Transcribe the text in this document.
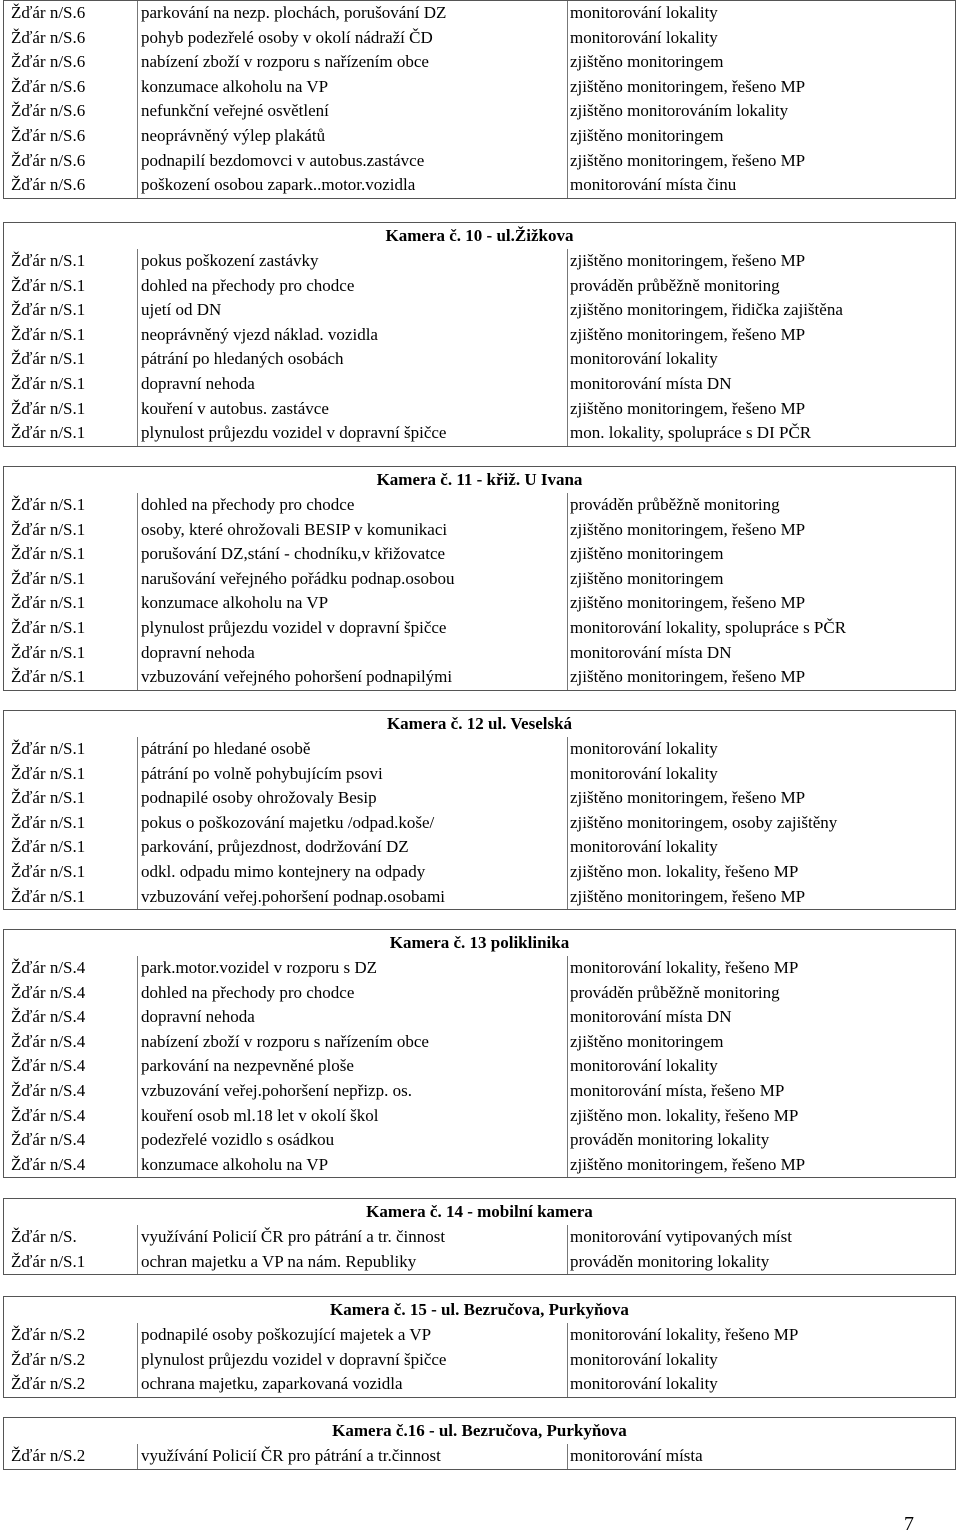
Žďár n/S.6	parkování na nezp. plochách, porušování DZ	monitorování lokality
Žďár n/S.6	pohyb podezřelé osoby v okolí nádraží ČD	monitorování lokality
Žďár n/S.6	nabízení zboží v rozporu s nařízením obce	zjištěno monitoringem
Žďár n/S.6	konzumace alkoholu na VP	zjištěno monitoringem, řešeno MP
Žďár n/S.6	nefunkční veřejné osvětlení	zjištěno monitorováním lokality
Žďár n/S.6	neoprávněný výlep plakátů	zjištěno monitoringem
Žďár n/S.6	podnapilí bezdomovci v autobus.zastávce	zjištěno monitoringem, řešeno MP
Žďár n/S.6	poškození osobou zapark..motor.vozidla	monitorování místa činu
Kamera č. 10 - ul.Žižkova
Žďár n/S.1	pokus poškození zastávky	zjištěno monitoringem, řešeno MP
Žďár n/S.1	dohled na přechody pro chodce	prováděn průběžně monitoring
Žďár n/S.1	ujetí od DN	zjištěno monitoringem, řidička zajištěna
Žďár n/S.1	neoprávněný vjezd náklad. vozidla	zjištěno monitoringem, řešeno MP
Žďár n/S.1	pátrání po hledaných osobách	monitorování lokality
Žďár n/S.1	dopravní nehoda	monitorování místa DN
Žďár n/S.1	kouření v autobus. zastávce	zjištěno monitoringem, řešeno MP
Žďár n/S.1	plynulost průjezdu vozidel v dopravní špičce	mon. lokality, spolupráce s DI PČR
Kamera č. 11 - křiž. U Ivana
Žďár n/S.1	dohled na přechody pro chodce	prováděn průběžně monitoring
Žďár n/S.1	osoby, které ohrožovali BESIP v komunikaci	zjištěno monitoringem, řešeno MP
Žďár n/S.1	porušování DZ,stání - chodníku,v křižovatce	zjištěno monitoringem
Žďár n/S.1	narušování veřejného pořádku podnap.osobou	zjištěno monitoringem
Žďár n/S.1	konzumace alkoholu na VP	zjištěno monitoringem, řešeno MP
Žďár n/S.1	plynulost průjezdu vozidel v dopravní špičce	monitorování lokality, spolupráce s PČR
Žďár n/S.1	dopravní nehoda	monitorování místa DN
Žďár n/S.1	vzbuzování veřejného pohoršení podnapilými	zjištěno monitoringem, řešeno MP
Kamera č. 12 ul. Veselská
Žďár n/S.1	pátrání po hledané osobě	monitorování lokality
Žďár n/S.1	pátrání po volně pohybujícím psovi	monitorování lokality
Žďár n/S.1	podnapilé osoby ohrožovaly Besip	zjištěno monitoringem, řešeno MP
Žďár n/S.1	pokus o poškozování majetku /odpad.koše/	zjištěno monitoringem, osoby zajištěny
Žďár n/S.1	parkování, průjezdnost, dodržování DZ	monitorování lokality
Žďár n/S.1	odkl. odpadu mimo kontejnery na odpady	zjištěno mon. lokality, řešeno MP
Žďár n/S.1	vzbuzování veřej.pohoršení podnap.osobami	zjištěno monitoringem, řešeno MP
Kamera č. 13 poliklinika
Žďár n/S.4	park.motor.vozidel v rozporu s DZ	monitorování lokality, řešeno MP
Žďár n/S.4	dohled na přechody pro chodce	prováděn průběžně monitoring
Žďár n/S.4	dopravní nehoda	monitorování místa DN
Žďár n/S.4	nabízení zboží v rozporu s nařízením obce	zjištěno monitoringem
Žďár n/S.4	parkování na nezpevněné ploše	monitorování lokality
Žďár n/S.4	vzbuzování veřej.pohoršení nepřizp. os.	monitorování místa, řešeno MP
Žďár n/S.4	kouření osob ml.18 let v okolí škol	zjištěno mon. lokality, řešeno MP
Žďár n/S.4	podezřelé vozidlo s osádkou	prováděn monitoring lokality
Žďár n/S.4	konzumace alkoholu na VP	zjištěno monitoringem, řešeno MP
Kamera č. 14 - mobilní kamera
Žďár n/S.	využívání Policií ČR pro pátrání a tr. činnost	monitorování vytipovaných míst
Žďár n/S.1	ochran majetku a VP na nám. Republiky	prováděn monitoring lokality
Kamera č. 15 - ul. Bezručova, Purkyňova
Žďár n/S.2	podnapilé osoby poškozující majetek a VP	monitorování lokality, řešeno MP
Žďár n/S.2	plynulost průjezdu vozidel v dopravní špičce	monitorování lokality
Žďár n/S.2	ochrana majetku, zaparkovaná vozidla	monitorování lokality
Kamera č.16 - ul. Bezručova, Purkyňova
Žďár n/S.2	využívání Policií ČR pro pátrání a tr.činnost	monitorování místa
7
